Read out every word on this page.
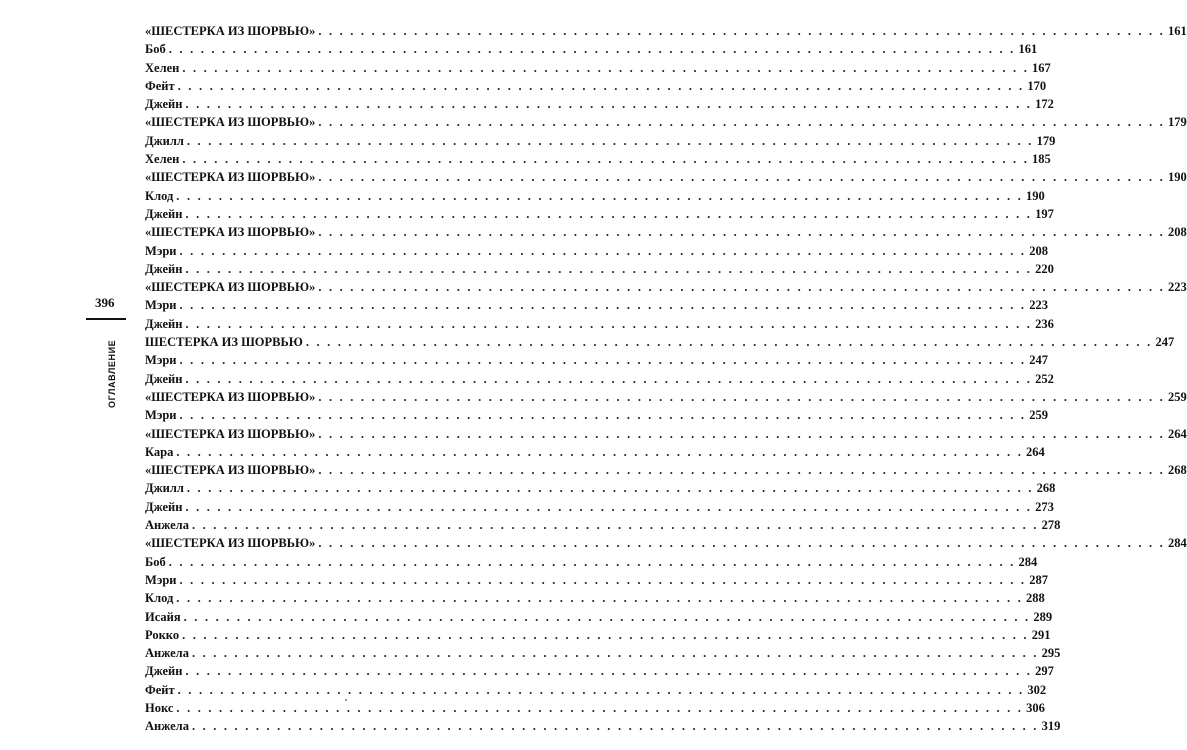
396
ОГЛАВЛЕНИЕ
«ШЕСТЕРКА ИЗ ШОРВЬЮ» . . . . . . . . . . . . . . . . . . . . . . . . . . . . . . . . . . . . . . . . . . . . . . . . . . . . . . . . . . . . . . . . . . . . . . . . . . . . . . . . 161
Боб . . . . . . . . . . . . . . . . . . . . . . . . . . . . . . . . . . . . . . . . . . . . . . . . . . . . . . . . . . . . . . . . . . . . . . . . . . . . . . . . 161
Хелен . . . . . . . . . . . . . . . . . . . . . . . . . . . . . . . . . . . . . . . . . . . . . . . . . . . . . . . . . . . . . . . . . . . . . . . . . . . . . . . . 167
Фейт . . . . . . . . . . . . . . . . . . . . . . . . . . . . . . . . . . . . . . . . . . . . . . . . . . . . . . . . . . . . . . . . . . . . . . . . . . . . . . . . 170
Джейн . . . . . . . . . . . . . . . . . . . . . . . . . . . . . . . . . . . . . . . . . . . . . . . . . . . . . . . . . . . . . . . . . . . . . . . . . . . . . . . . 172
«ШЕСТЕРКА ИЗ ШОРВЬЮ» . . . . . . . . . . . . . . . . . . . . . . . . . . . . . . . . . . . . . . . . . . . . . . . . . . . . . . . . . . . . . . . . . . . . . . . . . . . . . . . . 179
Джилл . . . . . . . . . . . . . . . . . . . . . . . . . . . . . . . . . . . . . . . . . . . . . . . . . . . . . . . . . . . . . . . . . . . . . . . . . . . . . . . . 179
Хелен . . . . . . . . . . . . . . . . . . . . . . . . . . . . . . . . . . . . . . . . . . . . . . . . . . . . . . . . . . . . . . . . . . . . . . . . . . . . . . . . 185
«ШЕСТЕРКА ИЗ ШОРВЬЮ» . . . . . . . . . . . . . . . . . . . . . . . . . . . . . . . . . . . . . . . . . . . . . . . . . . . . . . . . . . . . . . . . . . . . . . . . . . . . . . . . 190
Клод . . . . . . . . . . . . . . . . . . . . . . . . . . . . . . . . . . . . . . . . . . . . . . . . . . . . . . . . . . . . . . . . . . . . . . . . . . . . . . . . 190
Джейн . . . . . . . . . . . . . . . . . . . . . . . . . . . . . . . . . . . . . . . . . . . . . . . . . . . . . . . . . . . . . . . . . . . . . . . . . . . . . . . . 197
«ШЕСТЕРКА ИЗ ШОРВЬЮ» . . . . . . . . . . . . . . . . . . . . . . . . . . . . . . . . . . . . . . . . . . . . . . . . . . . . . . . . . . . . . . . . . . . . . . . . . . . . . . . . 208
Мэри . . . . . . . . . . . . . . . . . . . . . . . . . . . . . . . . . . . . . . . . . . . . . . . . . . . . . . . . . . . . . . . . . . . . . . . . . . . . . . . . 208
Джейн . . . . . . . . . . . . . . . . . . . . . . . . . . . . . . . . . . . . . . . . . . . . . . . . . . . . . . . . . . . . . . . . . . . . . . . . . . . . . . . . 220
«ШЕСТЕРКА ИЗ ШОРВЬЮ» . . . . . . . . . . . . . . . . . . . . . . . . . . . . . . . . . . . . . . . . . . . . . . . . . . . . . . . . . . . . . . . . . . . . . . . . . . . . . . . . 223
Мэри . . . . . . . . . . . . . . . . . . . . . . . . . . . . . . . . . . . . . . . . . . . . . . . . . . . . . . . . . . . . . . . . . . . . . . . . . . . . . . . . 223
Джейн . . . . . . . . . . . . . . . . . . . . . . . . . . . . . . . . . . . . . . . . . . . . . . . . . . . . . . . . . . . . . . . . . . . . . . . . . . . . . . . . 236
ШЕСТЕРКА ИЗ ШОРВЬЮ . . . . . . . . . . . . . . . . . . . . . . . . . . . . . . . . . . . . . . . . . . . . . . . . . . . . . . . . . . . . . . . . . . . . . . . . . . . . . . . . 247
Мэри . . . . . . . . . . . . . . . . . . . . . . . . . . . . . . . . . . . . . . . . . . . . . . . . . . . . . . . . . . . . . . . . . . . . . . . . . . . . . . . . 247
Джейн . . . . . . . . . . . . . . . . . . . . . . . . . . . . . . . . . . . . . . . . . . . . . . . . . . . . . . . . . . . . . . . . . . . . . . . . . . . . . . . . 252
«ШЕСТЕРКА ИЗ ШОРВЬЮ» . . . . . . . . . . . . . . . . . . . . . . . . . . . . . . . . . . . . . . . . . . . . . . . . . . . . . . . . . . . . . . . . . . . . . . . . . . . . . . . . 259
Мэри . . . . . . . . . . . . . . . . . . . . . . . . . . . . . . . . . . . . . . . . . . . . . . . . . . . . . . . . . . . . . . . . . . . . . . . . . . . . . . . . 259
«ШЕСТЕРКА ИЗ ШОРВЬЮ» . . . . . . . . . . . . . . . . . . . . . . . . . . . . . . . . . . . . . . . . . . . . . . . . . . . . . . . . . . . . . . . . . . . . . . . . . . . . . . . . 264
Кара . . . . . . . . . . . . . . . . . . . . . . . . . . . . . . . . . . . . . . . . . . . . . . . . . . . . . . . . . . . . . . . . . . . . . . . . . . . . . . . . 264
«ШЕСТЕРКА ИЗ ШОРВЬЮ» . . . . . . . . . . . . . . . . . . . . . . . . . . . . . . . . . . . . . . . . . . . . . . . . . . . . . . . . . . . . . . . . . . . . . . . . . . . . . . . . 268
Джилл . . . . . . . . . . . . . . . . . . . . . . . . . . . . . . . . . . . . . . . . . . . . . . . . . . . . . . . . . . . . . . . . . . . . . . . . . . . . . . . . 268
Джейн . . . . . . . . . . . . . . . . . . . . . . . . . . . . . . . . . . . . . . . . . . . . . . . . . . . . . . . . . . . . . . . . . . . . . . . . . . . . . . . . 273
Анжела . . . . . . . . . . . . . . . . . . . . . . . . . . . . . . . . . . . . . . . . . . . . . . . . . . . . . . . . . . . . . . . . . . . . . . . . . . . . . . . . 278
«ШЕСТЕРКА ИЗ ШОРВЬЮ» . . . . . . . . . . . . . . . . . . . . . . . . . . . . . . . . . . . . . . . . . . . . . . . . . . . . . . . . . . . . . . . . . . . . . . . . . . . . . . . . 284
Боб . . . . . . . . . . . . . . . . . . . . . . . . . . . . . . . . . . . . . . . . . . . . . . . . . . . . . . . . . . . . . . . . . . . . . . . . . . . . . . . . 284
Мэри . . . . . . . . . . . . . . . . . . . . . . . . . . . . . . . . . . . . . . . . . . . . . . . . . . . . . . . . . . . . . . . . . . . . . . . . . . . . . . . . 287
Клод . . . . . . . . . . . . . . . . . . . . . . . . . . . . . . . . . . . . . . . . . . . . . . . . . . . . . . . . . . . . . . . . . . . . . . . . . . . . . . . . 288
Исайя . . . . . . . . . . . . . . . . . . . . . . . . . . . . . . . . . . . . . . . . . . . . . . . . . . . . . . . . . . . . . . . . . . . . . . . . . . . . . . . . 289
Рокко . . . . . . . . . . . . . . . . . . . . . . . . . . . . . . . . . . . . . . . . . . . . . . . . . . . . . . . . . . . . . . . . . . . . . . . . . . . . . . . . 291
Анжела . . . . . . . . . . . . . . . . . . . . . . . . . . . . . . . . . . . . . . . . . . . . . . . . . . . . . . . . . . . . . . . . . . . . . . . . . . . . . . . . 295
Джейн . . . . . . . . . . . . . . . . . . . . . . . . . . . . . . . . . . . . . . . . . . . . . . . . . . . . . . . . . . . . . . . . . . . . . . . . . . . . . . . . 297
Фейт . . . . . . . . . . . . . . . . . . . . . . . . . . . . . . . . . . . . . . . . . . . . . . . . . . . . . . . . . . . . . . . . . . . . . . . . . . . . . . . . 302
Нокс . . . . . . . . . . . . . . . . . . . . . . . . . . . . . . . . . . . . . . . . . . . . . . . . . . . . . . . . . . . . . . . . . . . . . . . . . . . . . . . . 306
Анжела . . . . . . . . . . . . . . . . . . . . . . . . . . . . . . . . . . . . . . . . . . . . . . . . . . . . . . . . . . . . . . . . . . . . . . . . . . . . . . . . 319
